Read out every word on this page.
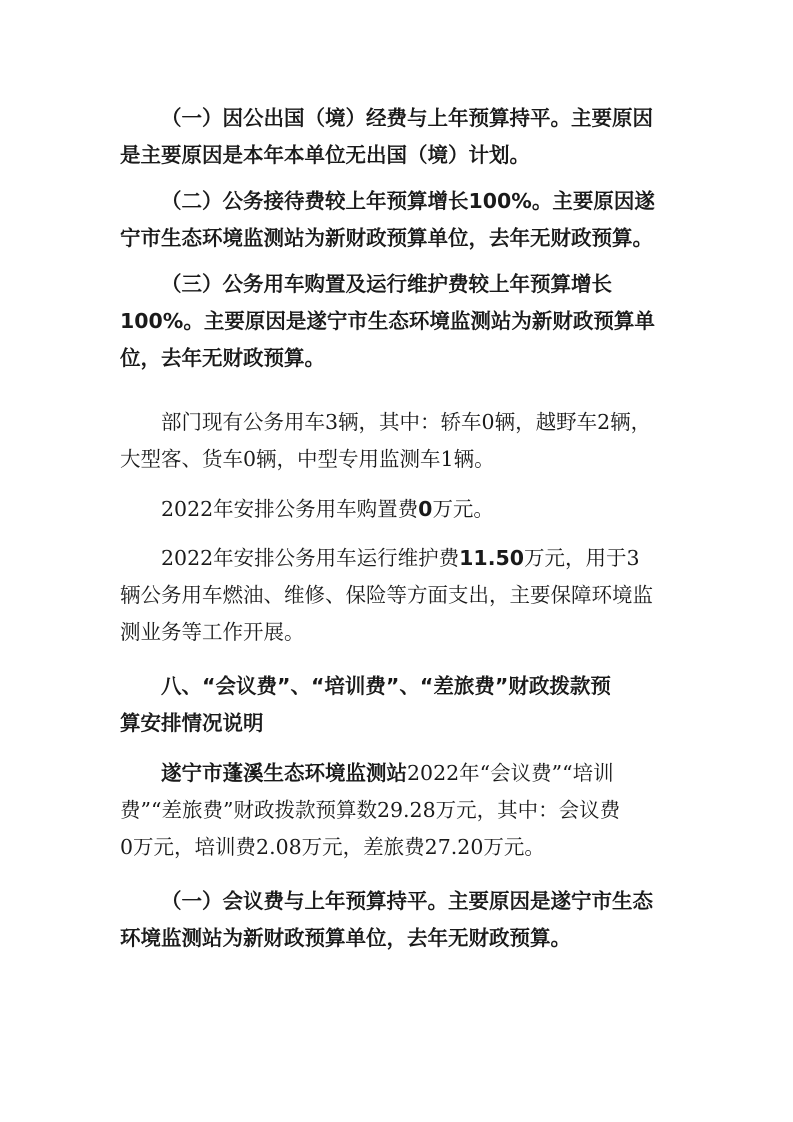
（一）因公出国（境）经费与上年预算持平。主要原因
是主要原因是本年本单位无出国（境）计划。
（二）公务接待费较上年预算增长100%。主要原因遂
宁市生态环境监测站为新财政预算单位，去年无财政预算。
（三）公务用车购置及运行维护费较上年预算增长
100%。主要原因是遂宁市生态环境监测站为新财政预算单
位，去年无财政预算。
部门现有公务用车3辆，其中：轿车0辆，越野车2辆，
大型客、货车0辆，中型专用监测车1辆。
2022年安排公务用车购置费0万元。
2022年安排公务用车运行维护费11.50万元，用于3
辆公务用车燃油、维修、保险等方面支出，主要保障环境监
测业务等工作开展。
八、“会议费”、“培训费”、“差旅费”财政拨款预
算安排情况说明
遂宁市蓬溪生态环境监测站2022年“会议费”“培训
费”“差旅费”财政拨款预算数29.28万元，其中：会议费
0万元，培训费2.08万元，差旅费27.20万元。
（一）会议费与上年预算持平。主要原因是遂宁市生态
环境监测站为新财政预算单位，去年无财政预算。
